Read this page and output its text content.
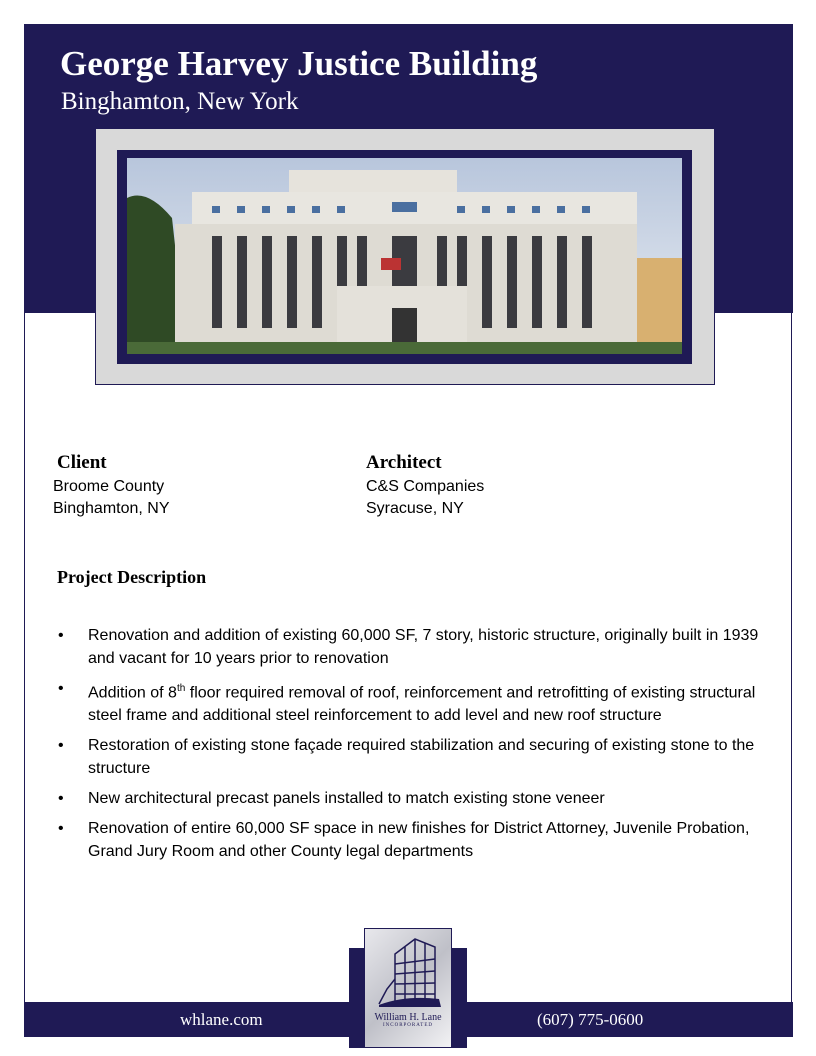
George Harvey Justice Building
Binghamton, New York
Client
Broome County
Binghamton, NY
Architect
C&S Companies
Syracuse, NY
Project Description
• Renovation and addition of existing 60,000 SF, 7 story, historic structure, originally built in 1939 and vacant for 10 years prior to renovation
• Addition of 8th floor required removal of roof, reinforcement and retrofitting of existing structural steel frame and additional steel reinforcement to add level and new roof structure
• Restoration of existing stone façade required stabilization and securing of existing stone to the structure
• New architectural precast panels installed to match existing stone veneer
• Renovation of entire 60,000 SF space in new finishes for District Attorney, Juvenile Probation, Grand Jury Room and other County legal departments
whlane.com	(607) 775-0600
William H. Lane
INCORPORATED
